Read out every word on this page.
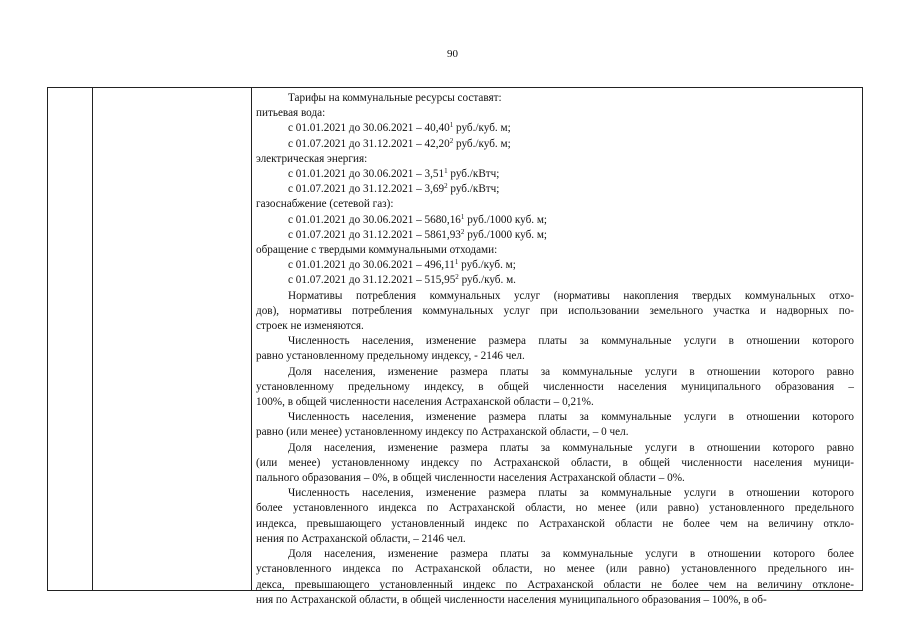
90

Тарифы на коммунальные ресурсы составят:

питьевая вода:

с 01.01.2021 до 30.06.2021 – 40,40$^1$ руб./куб. м;

с 01.07.2021 до 31.12.2021 – 42,20$^2$ руб./куб. м;

электрическая энергия:

с 01.01.2021 до 30.06.2021 – 3,51$^1$ руб./кВтч;

с 01.07.2021 до 31.12.2021 – 3,69$^2$ руб./кВтч;

газоснабжение (сетевой газ):

с 01.01.2021 до 30.06.2021 – 5680,16$^1$ руб./1000 куб. м;

с 01.07.2021 до 31.12.2021 – 5861,93$^2$ руб./1000 куб. м;

обращение с твердыми коммунальными отходами:

с 01.01.2021 до 30.06.2021 – 496,11$^1$ руб./куб. м;

с 01.07.2021 до 31.12.2021 – 515,95$^2$ руб./куб. м.

Нормативы потребления коммунальных услуг (нормативы накопления твердых коммунальных отхо-

дов), нормативы потребления коммунальных услуг при использовании земельного участка и надворных по-

строек не изменяются.

Численность населения, изменение размера платы за коммунальные услуги в отношении которого

равно установленному предельному индексу, - 2146 чел.

Доля населения, изменение размера платы за коммунальные услуги в отношении которого равно

установленному предельному индексу, в общей численности населения муниципального образования –

100%, в общей численности населения Астраханской области – 0,21%.

Численность населения, изменение размера платы за коммунальные услуги в отношении которого

равно (или менее) установленному индексу по Астраханской области, – 0 чел.

Доля населения, изменение размера платы за коммунальные услуги в отношении которого равно

(или менее) установленному индексу по Астраханской области, в общей численности населения муници-

пального образования – 0%, в общей численности населения Астраханской области – 0%.

Численность населения, изменение размера платы за коммунальные услуги в отношении которого

более установленного индекса по Астраханской области, но менее (или равно) установленного предельного

индекса, превышающего установленный индекс по Астраханской области не более чем на величину откло-

нения по Астраханской области, – 2146 чел.

Доля населения, изменение размера платы за коммунальные услуги в отношении которого более

установленного индекса по Астраханской области, но менее (или равно) установленного предельного ин-

декса, превышающего установленный индекс по Астраханской области не более чем на величину отклоне-

ния по Астраханской области, в общей численности населения муниципального образования – 100%, в об-
